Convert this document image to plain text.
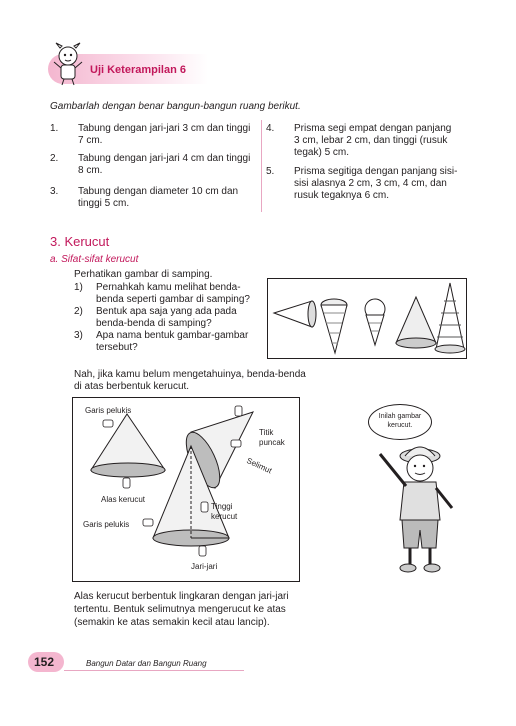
Uji Keterampilan 6
Gambarlah dengan benar bangun-bangun ruang berikut.
1. Tabung dengan jari-jari 3 cm dan tinggi
7 cm.
2. Tabung dengan jari-jari 4 cm dan tinggi
8 cm.
3. Tabung dengan diameter 10 cm dan
tinggi 5 cm.
4. Prisma segi empat dengan panjang
3 cm, lebar 2 cm, dan tinggi (rusuk
tegak) 5 cm.
5. Prisma segitiga dengan panjang sisi-
sisi alasnya 2 cm, 3 cm, 4 cm, dan
rusuk tegaknya 6 cm.
3. Kerucut
a. Sifat-sifat kerucut
Perhatikan gambar di samping.
1) Pernahkah kamu melihat benda-
benda seperti gambar di samping?
2) Bentuk apa saja yang ada pada
benda-benda di samping?
3) Apa nama bentuk gambar-gambar
tersebut?
Nah, jika kamu belum mengetahuinya, benda-benda
di atas berbentuk kerucut.
Garis pelukis
Titik
puncak
Selimut
Alas kerucut
Tinggi
kerucut
Garis pelukis
Jari-jari
Inilah gambar
kerucut.
Alas kerucut berbentuk lingkaran dengan jari-jari
tertentu. Bentuk selimutnya mengerucut ke atas
(semakin ke atas semakin kecil atau lancip).
152	Bangun Datar dan Bangun Ruang
